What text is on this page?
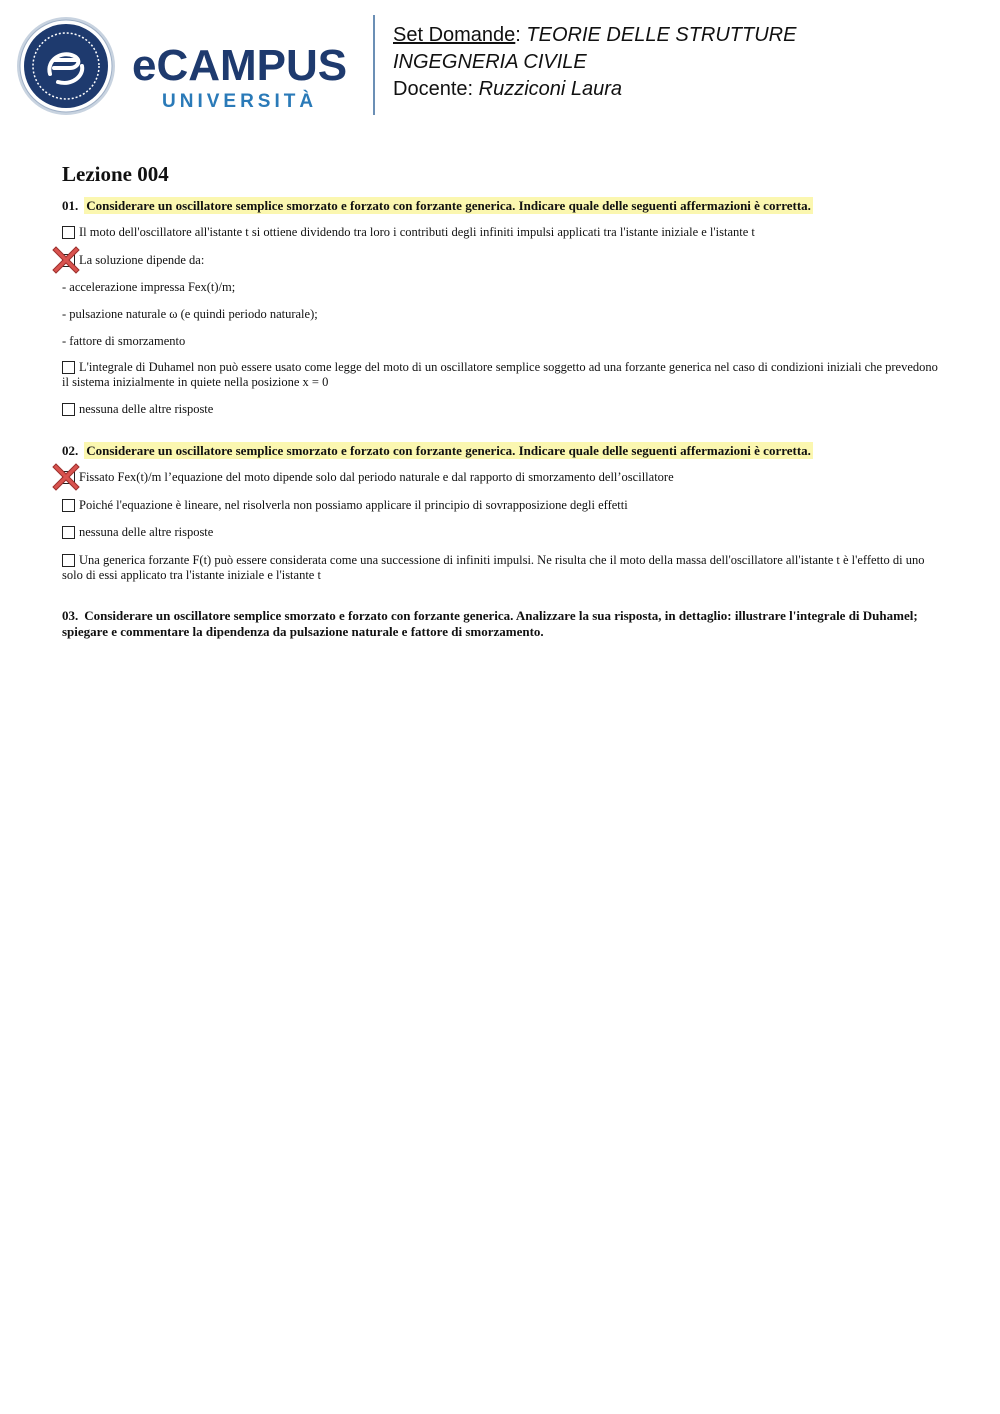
eCAMPUS
UNIVERSITÀ
Set Domande: TEORIE DELLE STRUTTURE
INGEGNERIA CIVILE
Docente: Ruzziconi Laura
Lezione 004

01. Considerare un oscillatore semplice smorzato e forzato con forzante generica. Indicare quale delle seguenti affermazioni è corretta.

Il moto dell'oscillatore all'istante t si ottiene dividendo tra loro i contributi degli infiniti impulsi applicati tra l'istante iniziale e l'istante t
La soluzione dipende da:
- accelerazione impressa Fex(t)/m;
- pulsazione naturale ω (e quindi periodo naturale);
- fattore di smorzamento
L'integrale di Duhamel non può essere usato come legge del moto di un oscillatore semplice soggetto ad una forzante generica nel caso di condizioni iniziali che prevedono il sistema inizialmente in quiete nella posizione x = 0
nessuna delle altre risposte

02. Considerare un oscillatore semplice smorzato e forzato con forzante generica. Indicare quale delle seguenti affermazioni è corretta.

Fissato Fex(t)/m l’equazione del moto dipende solo dal periodo naturale e dal rapporto di smorzamento dell’oscillatore
Poiché l'equazione è lineare, nel risolverla non possiamo applicare il principio di sovrapposizione degli effetti
nessuna delle altre risposte
Una generica forzante F(t) può essere considerata come una successione di infiniti impulsi. Ne risulta che il moto della massa dell'oscillatore all'istante t è l'effetto di uno solo di essi applicato tra l'istante iniziale e l'istante t

03. Considerare un oscillatore semplice smorzato e forzato con forzante generica. Analizzare la sua risposta, in dettaglio: illustrare l'integrale di Duhamel; spiegare e commentare la dipendenza da pulsazione naturale e fattore di smorzamento.
